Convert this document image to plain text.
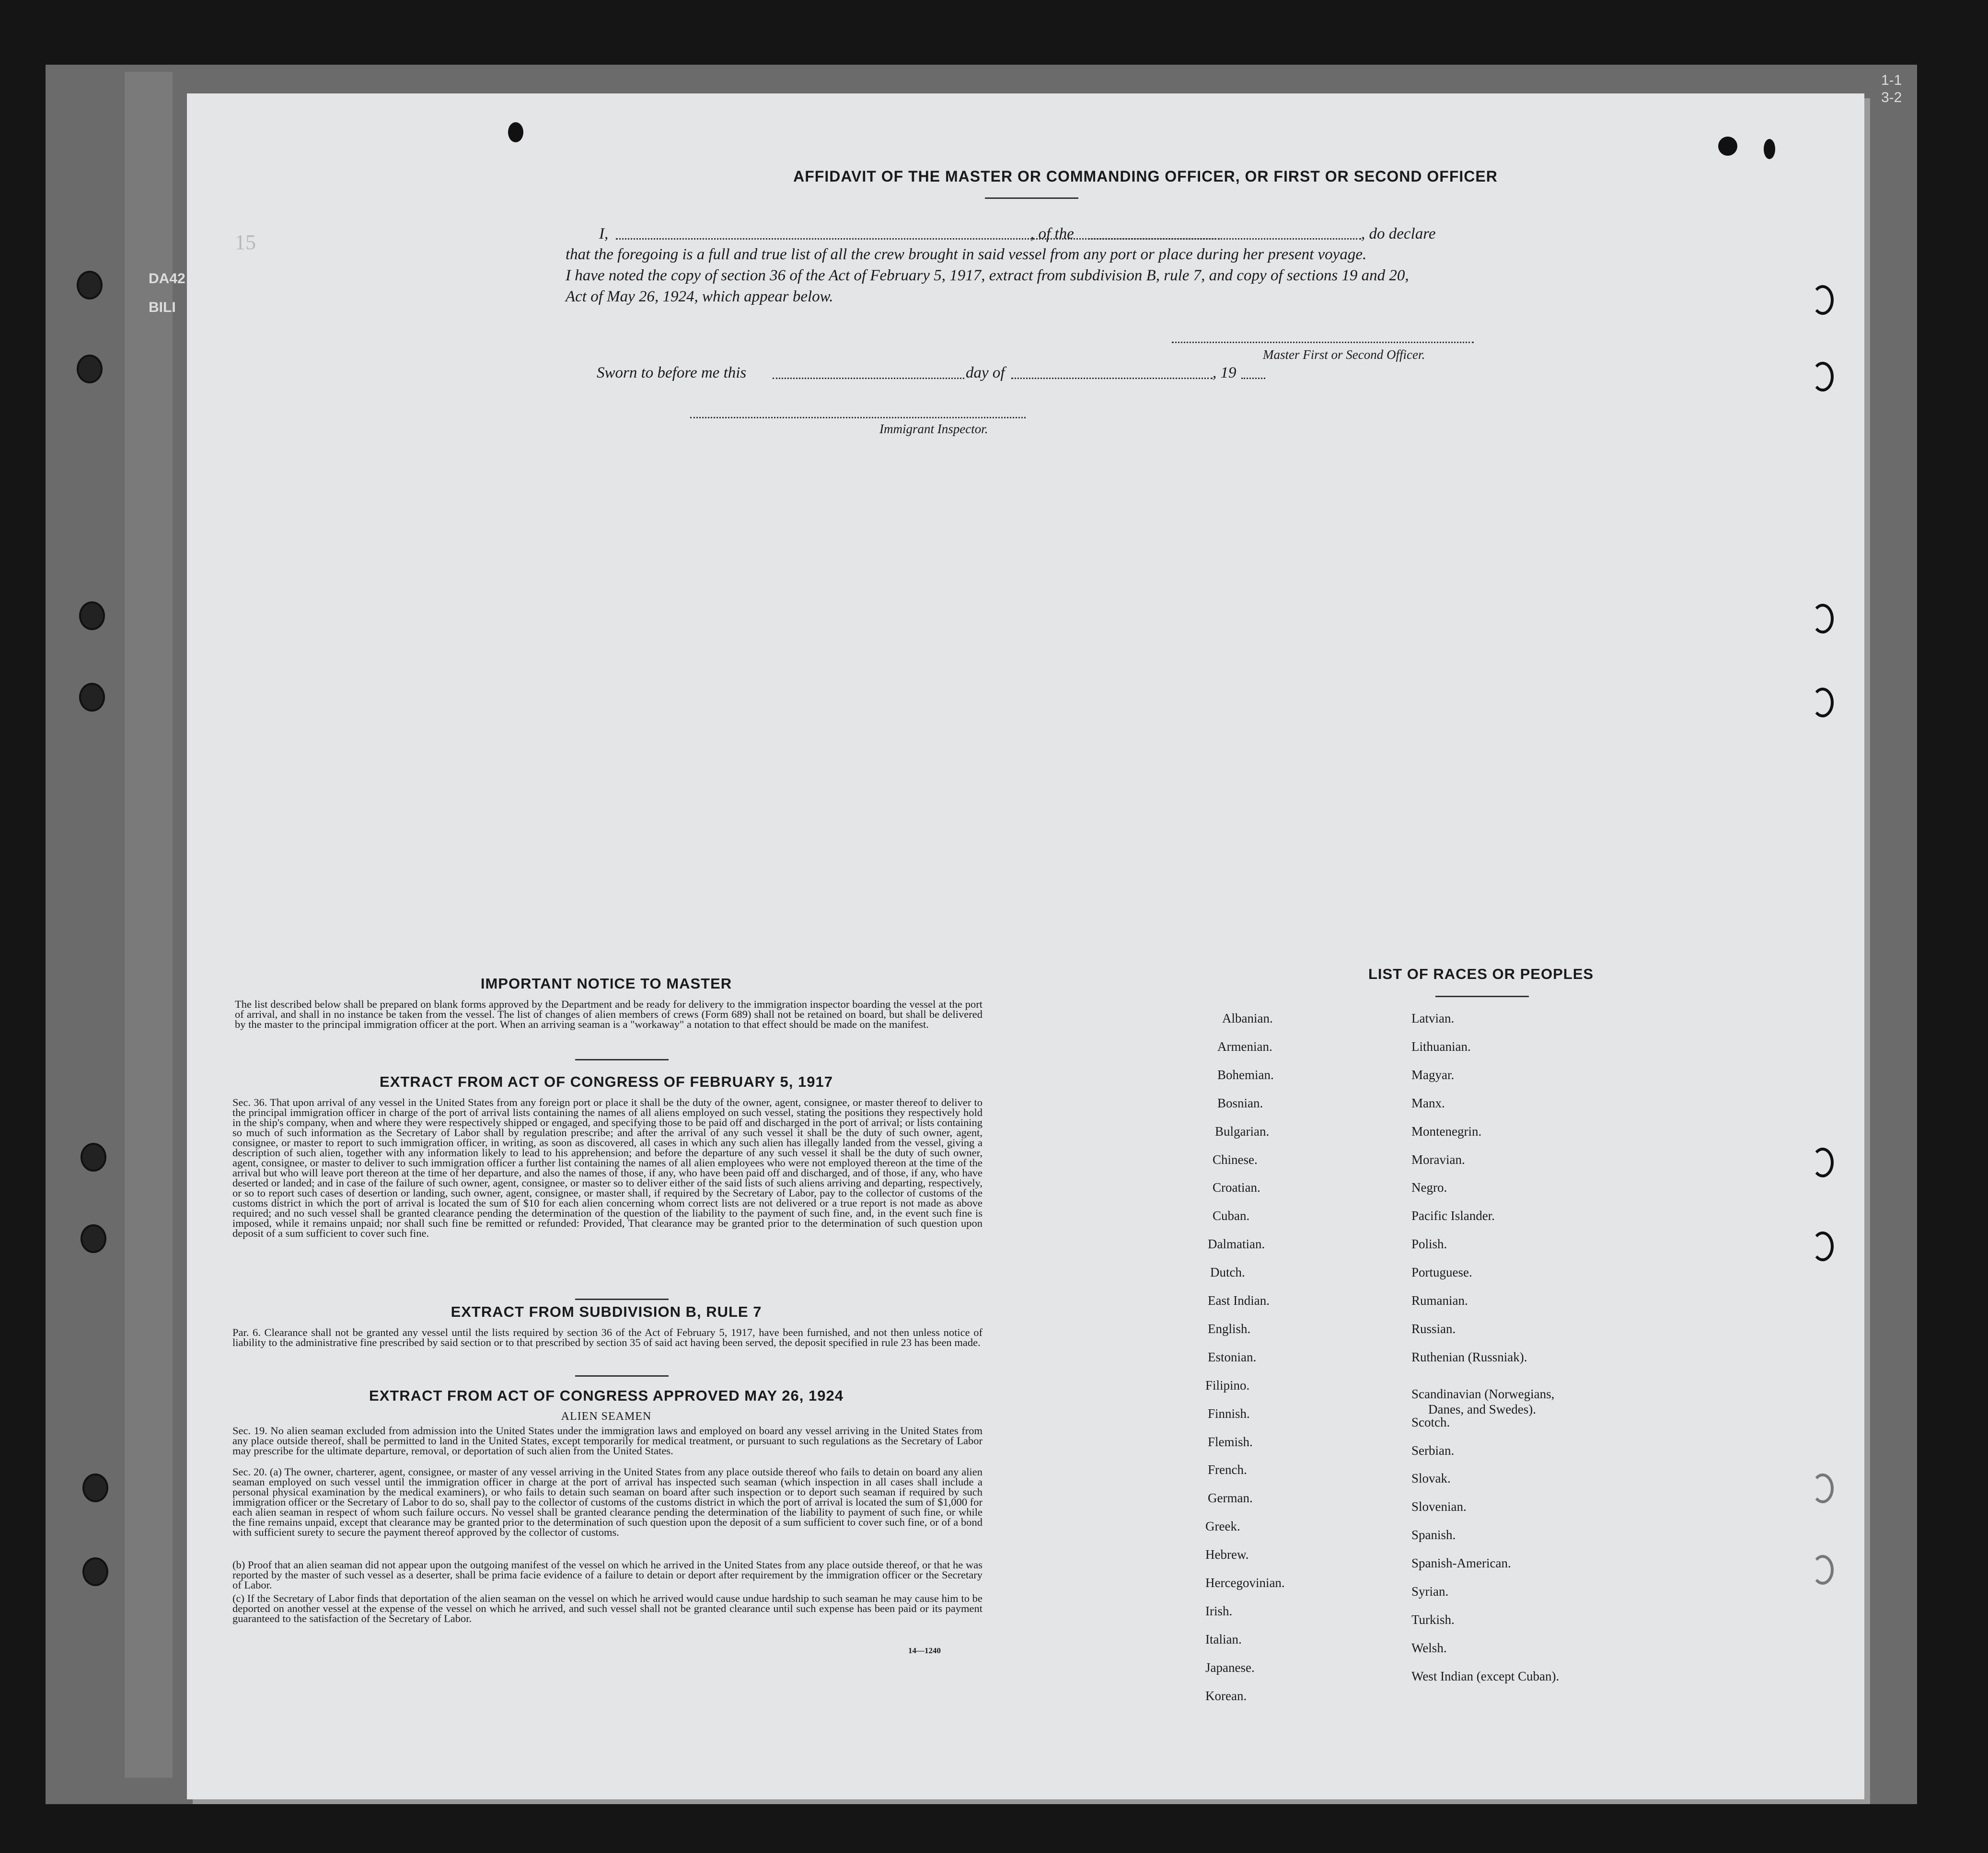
DA42
BILI
1-1
3-2
15
AFFIDAVIT OF THE MASTER OR COMMANDING OFFICER, OR FIRST OR SECOND OFFICER
I,	, of the	, do declare
that the foregoing is a full and true list of all the crew brought in said vessel from any port or place during her present voyage.
I have noted the copy of section 36 of the Act of February 5, 1917, extract from subdivision B, rule 7, and copy of sections 19 and 20,
Act of May 26, 1924, which appear below.
Master First or Second Officer.
Sworn to before me this	day of	, 19
Immigrant Inspector.
IMPORTANT NOTICE TO MASTER
The list described below shall be prepared on blank forms approved by the Department and be ready for delivery to the immigration inspector boarding the vessel at the port of arrival, and shall in no instance be taken from the vessel. The list of changes of alien members of crews (Form 689) shall not be retained on board, but shall be delivered by the master to the principal immigration officer at the port. When an arriving seaman is a "workaway" a notation to that effect should be made on the manifest.
EXTRACT FROM ACT OF CONGRESS OF FEBRUARY 5, 1917
Sec. 36. That upon arrival of any vessel in the United States from any foreign port or place it shall be the duty of the owner, agent, consignee, or master thereof to deliver to the principal immigration officer in charge of the port of arrival lists containing the names of all aliens employed on such vessel, stating the positions they respectively hold in the ship's company, when and where they were respectively shipped or engaged, and specifying those to be paid off and discharged in the port of arrival; or lists containing so much of such information as the Secretary of Labor shall by regulation prescribe; and after the arrival of any such vessel it shall be the duty of such owner, agent, consignee, or master to report to such immigration officer, in writing, as soon as discovered, all cases in which any such alien has illegally landed from the vessel, giving a description of such alien, together with any information likely to lead to his apprehension; and before the departure of any such vessel it shall be the duty of such owner, agent, consignee, or master to deliver to such immigration officer a further list containing the names of all alien employees who were not employed thereon at the time of the arrival but who will leave port thereon at the time of her departure, and also the names of those, if any, who have been paid off and discharged, and of those, if any, who have deserted or landed; and in case of the failure of such owner, agent, consignee, or master so to deliver either of the said lists of such aliens arriving and departing, respectively, or so to report such cases of desertion or landing, such owner, agent, consignee, or master shall, if required by the Secretary of Labor, pay to the collector of customs of the customs district in which the port of arrival is located the sum of $10 for each alien concerning whom correct lists are not delivered or a true report is not made as above required; and no such vessel shall be granted clearance pending the determination of the question of the liability to the payment of such fine, and, in the event such fine is imposed, while it remains unpaid; nor shall such fine be remitted or refunded: Provided, That clearance may be granted prior to the determination of such question upon deposit of a sum sufficient to cover such fine.
EXTRACT FROM SUBDIVISION B, RULE 7
Par. 6. Clearance shall not be granted any vessel until the lists required by section 36 of the Act of February 5, 1917, have been furnished, and not then unless notice of liability to the administrative fine prescribed by said section or to that prescribed by section 35 of said act having been served, the deposit specified in rule 23 has been made.
EXTRACT FROM ACT OF CONGRESS APPROVED MAY 26, 1924
ALIEN SEAMEN
Sec. 19. No alien seaman excluded from admission into the United States under the immigration laws and employed on board any vessel arriving in the United States from any place outside thereof, shall be permitted to land in the United States, except temporarily for medical treatment, or pursuant to such regulations as the Secretary of Labor may prescribe for the ultimate departure, removal, or deportation of such alien from the United States.
Sec. 20. (a) The owner, charterer, agent, consignee, or master of any vessel arriving in the United States from any place outside thereof who fails to detain on board any alien seaman employed on such vessel until the immigration officer in charge at the port of arrival has inspected such seaman (which inspection in all cases shall include a personal physical examination by the medical examiners), or who fails to detain such seaman on board after such inspection or to deport such seaman if required by such immigration officer or the Secretary of Labor to do so, shall pay to the collector of customs of the customs district in which the port of arrival is located the sum of $1,000 for each alien seaman in respect of whom such failure occurs. No vessel shall be granted clearance pending the determination of the liability to payment of such fine, or while the fine remains unpaid, except that clearance may be granted prior to the determination of such question upon the deposit of a sum sufficient to cover such fine, or of a bond with sufficient surety to secure the payment thereof approved by the collector of customs.
(b) Proof that an alien seaman did not appear upon the outgoing manifest of the vessel on which he arrived in the United States from any place outside thereof, or that he was reported by the master of such vessel as a deserter, shall be prima facie evidence of a failure to detain or deport after requirement by the immigration officer or the Secretary of Labor.
(c) If the Secretary of Labor finds that deportation of the alien seaman on the vessel on which he arrived would cause undue hardship to such seaman he may cause him to be deported on another vessel at the expense of the vessel on which he arrived, and such vessel shall not be granted clearance until such expense has been paid or its payment guaranteed to the satisfaction of the Secretary of Labor.
14—1240
LIST OF RACES OR PEOPLES
Albanian.
Armenian.
Bohemian.
Bosnian.
Bulgarian.
Chinese.
Croatian.
Cuban.
Dalmatian.
Dutch.
East Indian.
English.
Estonian.
Filipino.
Finnish.
Flemish.
French.
German.
Greek.
Hebrew.
Hercegovinian.
Irish.
Italian.
Japanese.
Korean.
Latvian.
Lithuanian.
Magyar.
Manx.
Montenegrin.
Moravian.
Negro.
Pacific Islander.
Polish.
Portuguese.
Rumanian.
Russian.
Ruthenian (Russniak).
Scandinavian (Norwegians,
Danes, and Swedes).
Scotch.
Serbian.
Slovak.
Slovenian.
Spanish.
Spanish-American.
Syrian.
Turkish.
Welsh.
West Indian (except Cuban).
